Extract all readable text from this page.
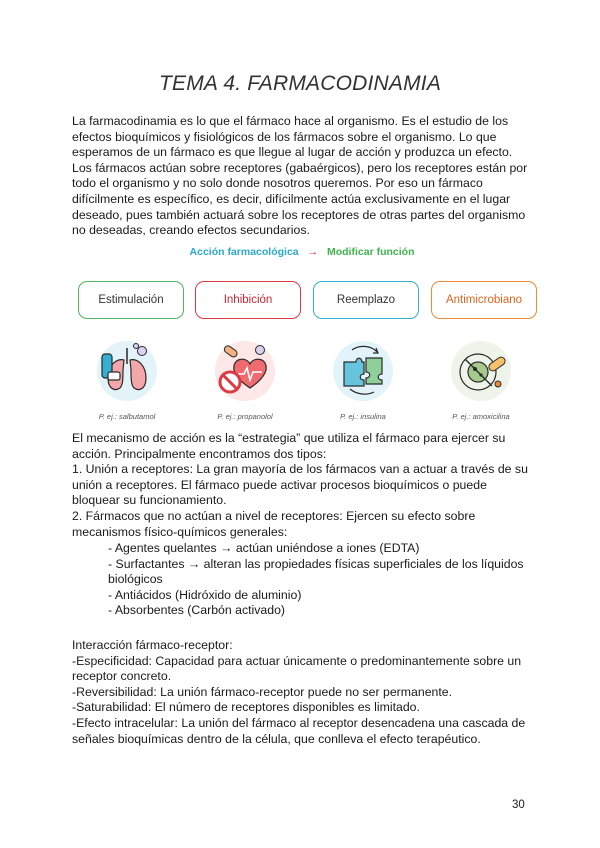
TEMA 4. FARMACODINAMIA
La farmacodinamia es lo que el fármaco hace al organismo. Es el estudio de los
efectos bioquímicos y fisiológicos de los fármacos sobre el organismo. Lo que
esperamos de un fármaco es que llegue al lugar de acción y produzca un efecto.
Los fármacos actúan sobre receptores (gabaérgicos), pero los receptores están por
todo el organismo y no solo donde nosotros queremos. Por eso un fármaco
difícilmente es específico, es decir, difícilmente actúa exclusivamente en el lugar
deseado, pues también actuará sobre los receptores de otras partes del organismo
no deseadas, creando efectos secundarios.
Acción farmacológica → Modificar función
Estimulación	Inhibición	Reemplazo	Antimicrobiano
P. ej.: salbutamol	P. ej.: propanolol	P. ej.: insulina	P. ej.: amoxicilina
El mecanismo de acción es la “estrategia” que utiliza el fármaco para ejercer su
acción. Principalmente encontramos dos tipos:
1. Unión a receptores: La gran mayoría de los fármacos van a actuar a través de su
unión a receptores. El fármaco puede activar procesos bioquímicos o puede
bloquear su funcionamiento.
2. Fármacos que no actúan a nivel de receptores: Ejercen su efecto sobre
mecanismos físico-químicos generales:
- Agentes quelantes → actúan uniéndose a iones (EDTA)
- Surfactantes → alteran las propiedades físicas superficiales de los líquidos
biológicos
- Antiácidos (Hidróxido de aluminio)
- Absorbentes (Carbón activado)
Interacción fármaco-receptor:
-Especificidad: Capacidad para actuar únicamente o predominantemente sobre un
receptor concreto.
-Reversibilidad: La unión fármaco-receptor puede no ser permanente.
-Saturabilidad: El número de receptores disponibles es limitado.
-Efecto intracelular: La unión del fármaco al receptor desencadena una cascada de
señales bioquímicas dentro de la célula, que conlleva el efecto terapéutico.
30
